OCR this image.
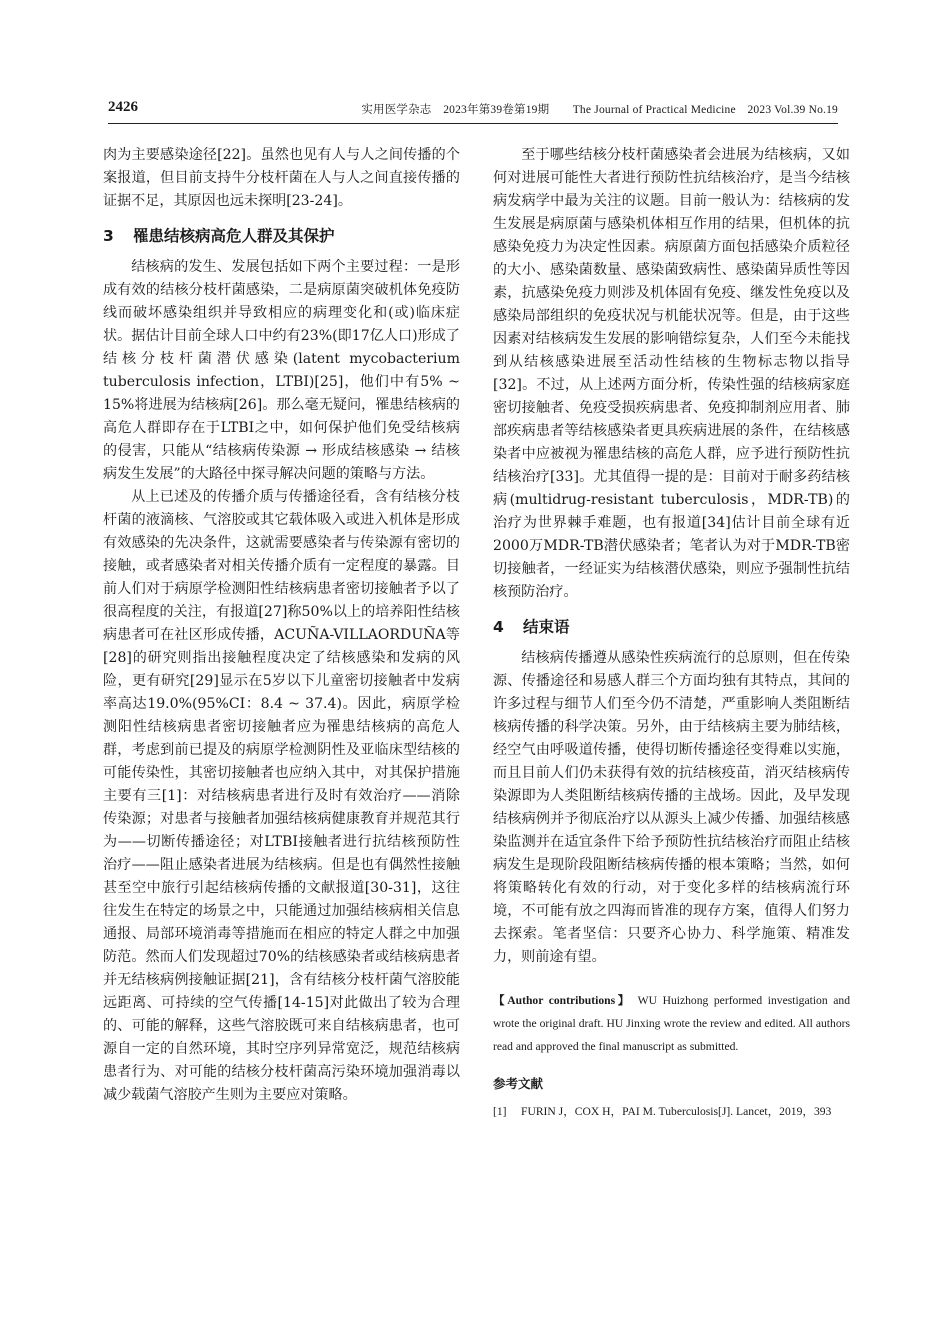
2426	实用医学杂志　2023年第39卷第19期　　The Journal of Practical Medicine　2023 Vol.39 No.19

肉为主要感染途径[22]。虽然也见有人与人之间传播的个案报道，但目前支持牛分枝杆菌在人与人之间直接传播的证据不足，其原因也远未探明[23-24]。

3 罹患结核病高危人群及其保护

结核病的发生、发展包括如下两个主要过程：一是形成有效的结核分枝杆菌感染，二是病原菌突破机体免疫防线而破坏感染组织并导致相应的病理变化和(或)临床症状。据估计目前全球人口中约有23%(即17亿人口)形成了结核分枝杆菌潜伏感染(latent mycobacterium tuberculosis infection，LTBI)[25]，他们中有5% ~ 15%将进展为结核病[26]。那么毫无疑问，罹患结核病的高危人群即存在于LTBI之中，如何保护他们免受结核病的侵害，只能从“结核病传染源 → 形成结核感染 → 结核病发生发展”的大路径中探寻解决问题的策略与方法。

从上已述及的传播介质与传播途径看，含有结核分枝杆菌的液滴核、气溶胶或其它载体吸入或进入机体是形成有效感染的先决条件，这就需要感染者与传染源有密切的接触，或者感染者对相关传播介质有一定程度的暴露。目前人们对于病原学检测阳性结核病患者密切接触者予以了很高程度的关注，有报道[27]称50%以上的培养阳性结核病患者可在社区形成传播，ACUÑA-VILLAORDUÑA等[28]的研究则指出接触程度决定了结核感染和发病的风险，更有研究[29]显示在5岁以下儿童密切接触者中发病率高达19.0%(95%CI：8.4 ~ 37.4)。因此，病原学检测阳性结核病患者密切接触者应为罹患结核病的高危人群，考虑到前已提及的病原学检测阴性及亚临床型结核的可能传染性，其密切接触者也应纳入其中，对其保护措施主要有三[1]：对结核病患者进行及时有效治疗——消除传染源；对患者与接触者加强结核病健康教育并规范其行为——切断传播途径；对LTBI接触者进行抗结核预防性治疗——阻止感染者进展为结核病。但是也有偶然性接触甚至空中旅行引起结核病传播的文献报道[30-31]，这往往发生在特定的场景之中，只能通过加强结核病相关信息通报、局部环境消毒等措施而在相应的特定人群之中加强防范。然而人们发现超过70%的结核感染者或结核病患者并无结核病例接触证据[21]，含有结核分枝杆菌气溶胶能远距离、可持续的空气传播[14-15]对此做出了较为合理的、可能的解释，这些气溶胶既可来自结核病患者，也可源自一定的自然环境，其时空序列异常宽泛，规范结核病患者行为、对可能的结核分枝杆菌高污染环境加强消毒以减少载菌气溶胶产生则为主要应对策略。

至于哪些结核分枝杆菌感染者会进展为结核病，又如何对进展可能性大者进行预防性抗结核治疗，是当今结核病发病学中最为关注的议题。目前一般认为：结核病的发生发展是病原菌与感染机体相互作用的结果，但机体的抗感染免疫力为决定性因素。病原菌方面包括感染介质粒径的大小、感染菌数量、感染菌致病性、感染菌异质性等因素，抗感染免疫力则涉及机体固有免疫、继发性免疫以及感染局部组织的免疫状况与机能状况等。但是，由于这些因素对结核病发生发展的影响错综复杂，人们至今未能找到从结核感染进展至活动性结核的生物标志物以指导[32]。不过，从上述两方面分析，传染性强的结核病家庭密切接触者、免疫受损疾病患者、免疫抑制剂应用者、肺部疾病患者等结核感染者更具疾病进展的条件，在结核感染者中应被视为罹患结核的高危人群，应予进行预防性抗结核治疗[33]。尤其值得一提的是：目前对于耐多药结核病(multidrug-resistant tuberculosis，MDR-TB)的治疗为世界棘手难题，也有报道[34]估计目前全球有近2000万MDR-TB潜伏感染者；笔者认为对于MDR-TB密切接触者，一经证实为结核潜伏感染，则应予强制性抗结核预防治疗。

4 结束语

结核病传播遵从感染性疾病流行的总原则，但在传染源、传播途径和易感人群三个方面均独有其特点，其间的许多过程与细节人们至今仍不清楚，严重影响人类阻断结核病传播的科学决策。另外，由于结核病主要为肺结核，经空气由呼吸道传播，使得切断传播途径变得难以实施，而且目前人们仍未获得有效的抗结核疫苗，消灭结核病传染源即为人类阻断结核病传播的主战场。因此，及早发现结核病例并予彻底治疗以从源头上减少传播、加强结核感染监测并在适宜条件下给予预防性抗结核治疗而阻止结核病发生是现阶段阻断结核病传播的根本策略；当然，如何将策略转化有效的行动，对于变化多样的结核病流行环境，不可能有放之四海而皆准的现存方案，值得人们努力去探索。笔者坚信：只要齐心协力、科学施策、精准发力，则前途有望。

【Author contributions】 WU Huizhong performed investigation and wrote the original draft. HU Jinxing wrote the review and edited. All authors read and approved the final manuscript as submitted.

参考文献
[1] FURIN J，COX H，PAI M. Tuberculosis[J]. Lancet，2019，393
